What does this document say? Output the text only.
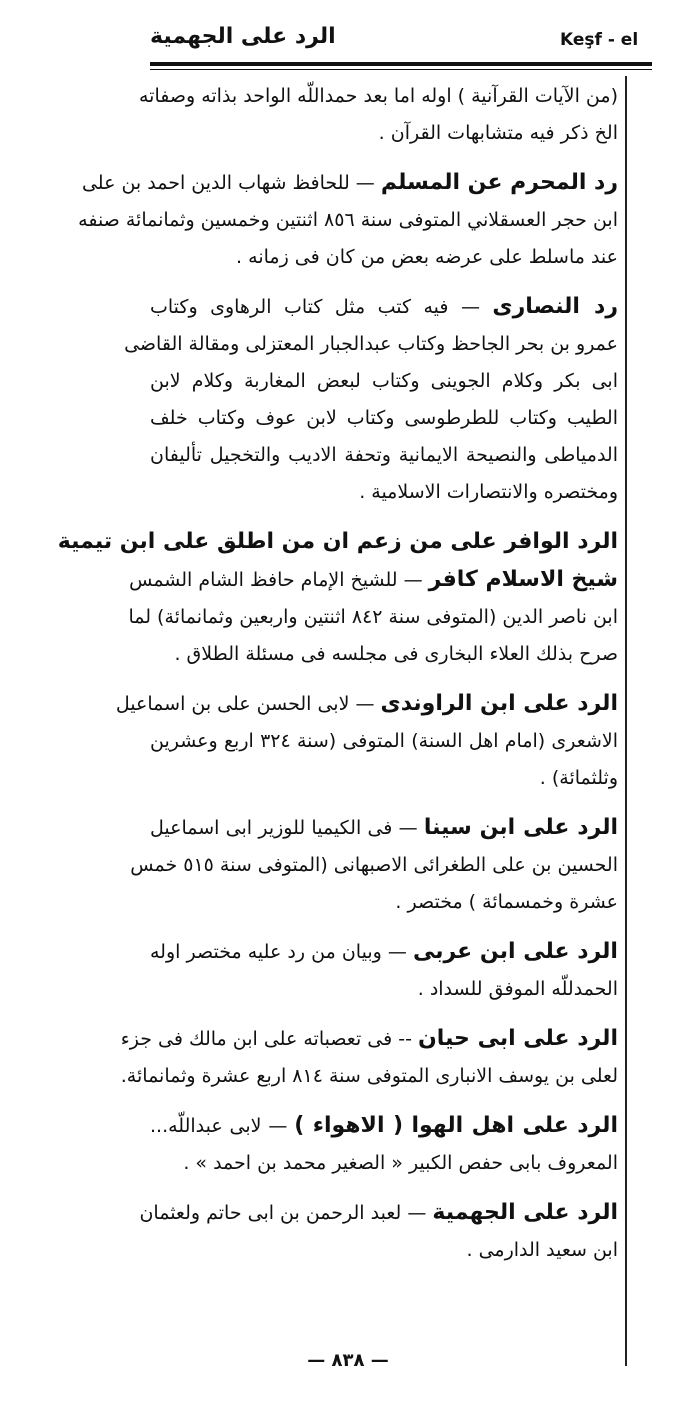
الرد على الجهمية	Keşf - el
(من الآيات القرآنية ) اوله اما بعد حمداللّه الواحد بذاته وصفاته
الخ ذكر فيه متشابهات القرآن .
رد المحرم عن المسلم — للحافظ شهاب الدين احمد بن على
ابن حجر العسقلاني المتوفى سنة ٨٥٦ اثنتين وخمسين وثمانمائة صنفه
عند ماسلط على عرضه بعض من كان فى زمانه .
رد النصارى — فيه كتب مثل كتاب الرهاوى وكتاب
عمرو بن بحر الجاحظ وكتاب عبدالجبار المعتزلى ومقالة القاضى
ابى بكر وكلام الجوينى وكتاب لبعض المغاربة وكلام لابن
الطيب وكتاب للطرطوسى وكتاب لابن عوف وكتاب خلف
الدمياطى والنصيحة الايمانية وتحفة الاديب والتخجيل تأليفان
ومختصره والانتصارات الاسلامية .
الرد الوافر على من زعم ان من اطلق على ابن تيمية
شيخ الاسلام كافر — للشيخ الإمام حافظ الشام الشمس
ابن ناصر الدين (المتوفى سنة ٨٤٢ اثنتين واربعين وثمانمائة) لما
صرح بذلك العلاء البخارى فى مجلسه فى مسئلة الطلاق .
الرد على ابن الراوندى — لابى الحسن على بن اسماعيل
الاشعرى (امام اهل السنة) المتوفى (سنة ٣٢٤ اربع وعشرين
وثلثمائة) .
الرد على ابن سينا — فى الكيميا للوزير ابى اسماعيل
الحسين بن على الطغرائى الاصبهانى (المتوفى سنة ٥١٥ خمس
عشرة وخمسمائة ) مختصر .
الرد على ابن عربى — وبيان من رد عليه مختصر اوله
الحمدللّه الموفق للسداد .
الرد على ابى حيان -- فى تعصباته على ابن مالك فى جزء
لعلى بن يوسف الانبارى المتوفى سنة ٨١٤ اربع عشرة وثمانمائة.
الرد على اهل الهوا ( الاهواء ) — لابى عبداللّه...
المعروف بابى حفص الكبير « الصغير محمد بن احمد » .
الرد على الجهمية — لعبد الرحمن بن ابى حاتم ولعثمان
ابن سعيد الدارمى .
— ٨٣٨ —
